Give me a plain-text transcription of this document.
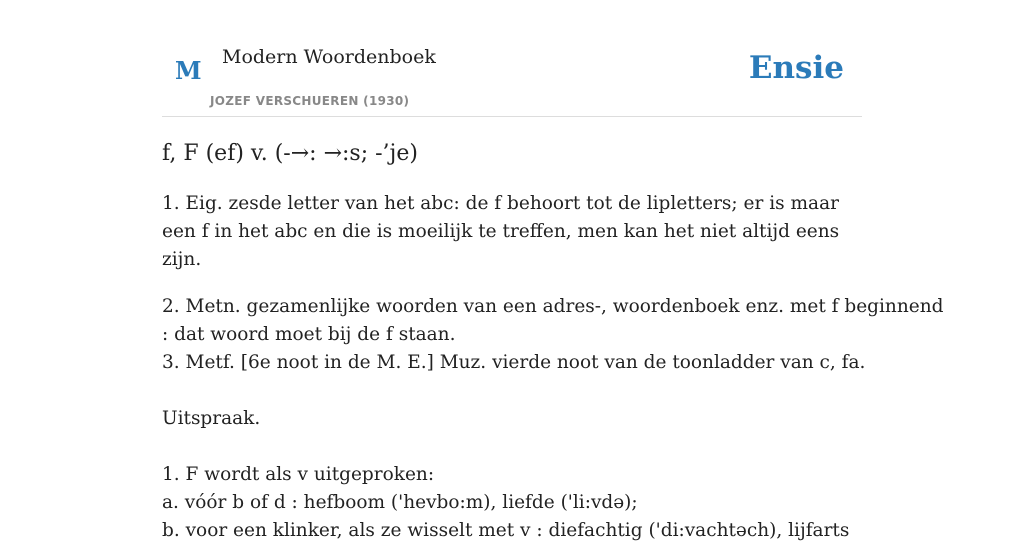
M Modern Woordenboek
JOZEF VERSCHUEREN (1930)
Ensie
f, F (ef) v. (-→: →:s; -’je)

1. Eig. zesde letter van het abc: de f behoort tot de lipletters; er is maar een f in het abc en die is moeilijk te treffen, men kan het niet altijd eens zijn.

2. Metn. gezamenlijke woorden van een adres-, woordenboek enz. met f beginnend
: dat woord moet bij de f staan.
3. Metf. [6e noot in de M. E.] Muz. vierde noot van de toonladder van c, fa.

Uitspraak.
1. F wordt als v uitgeproken:
a. vóór b of d : hefboom ('hevbo:m), liefde ('li:vdə);
b. voor een klinker, als ze wisselt met v : diefachtig ('di:vachtəch), lijfarts
